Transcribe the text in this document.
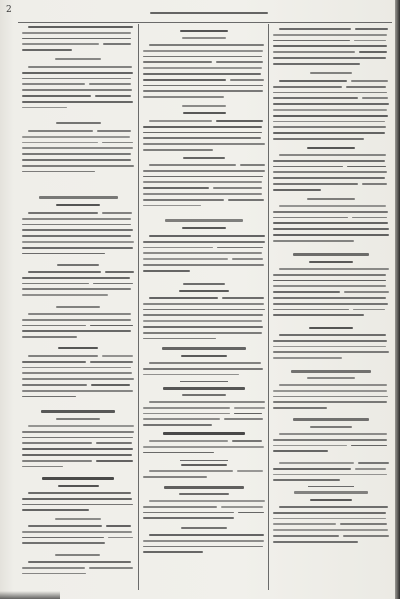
2
